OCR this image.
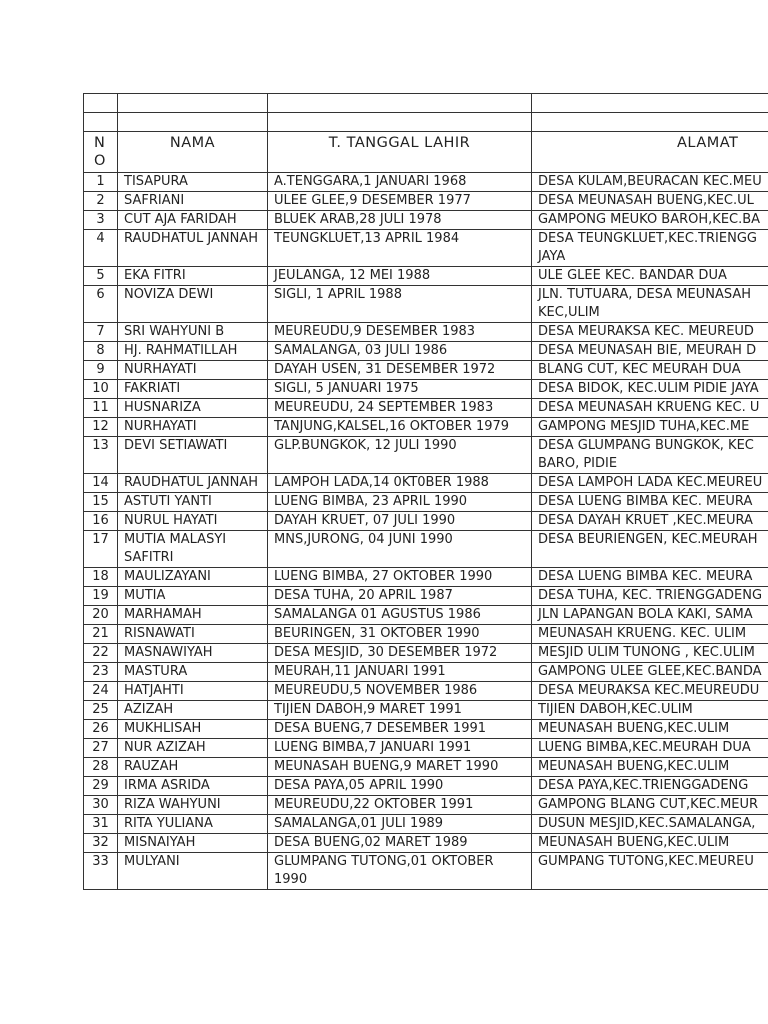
N O	NAMA	T. TANGGAL LAHIR	ALAMAT
1	TISAPURA	A.TENGGARA,1 JANUARI 1968	DESA KULAM,BEURACAN KEC.MEU
2	SAFRIANI	ULEE GLEE,9 DESEMBER 1977	DESA MEUNASAH BUENG,KEC.UL
3	CUT AJA FARIDAH	BLUEK ARAB,28 JULI 1978	GAMPONG MEUKO BAROH,KEC.BA
4	RAUDHATUL JANNAH	TEUNGKLUET,13 APRIL 1984	DESA TEUNGKLUET,KEC.TRIENGG
JAYA

5	EKA FITRI	JEULANGA, 12 MEI 1988	ULE GLEE KEC. BANDAR DUA
6	NOVIZA DEWI	SIGLI, 1 APRIL 1988	JLN. TUTUARA, DESA MEUNASAH
KEC,ULIM

7	SRI WAHYUNI B	MEUREUDU,9 DESEMBER 1983	DESA MEURAKSA KEC. MEUREUD
8	HJ. RAHMATILLAH	SAMALANGA, 03 JULI 1986	DESA MEUNASAH BIE, MEURAH D
9	NURHAYATI	DAYAH USEN, 31 DESEMBER 1972	BLANG CUT, KEC MEURAH DUA
10	FAKRIATI	SIGLI, 5 JANUARI 1975	DESA BIDOK, KEC.ULIM PIDIE JAYA
11	HUSNARIZA	MEUREUDU, 24 SEPTEMBER 1983	DESA MEUNASAH KRUENG KEC. U
12	NURHAYATI	TANJUNG,KALSEL,16 OKTOBER 1979	GAMPONG MESJID TUHA,KEC.ME
13	DEVI SETIAWATI	GLP.BUNGKOK, 12 JULI 1990	DESA GLUMPANG BUNGKOK, KEC
BARO, PIDIE

14	RAUDHATUL JANNAH	LAMPOH LADA,14 0KT0BER 1988	DESA LAMPOH LADA KEC.MEUREU
15	ASTUTI YANTI	LUENG BIMBA, 23 APRIL 1990	DESA LUENG BIMBA KEC. MEURA
16	NURUL HAYATI	DAYAH KRUET, 07 JULI 1990	DESA DAYAH KRUET ,KEC.MEURA
17	MUTIA MALASYI SAFITRI	MNS,JURONG, 04 JUNI 1990	DESA BEURIENGEN, KEC.MEURAH
18	MAULIZAYANI	LUENG BIMBA, 27 OKTOBER 1990	DESA LUENG BIMBA KEC. MEURA
19	MUTIA	DESA TUHA, 20 APRIL 1987	DESA TUHA, KEC. TRIENGGADENG
20	MARHAMAH	SAMALANGA 01 AGUSTUS 1986	JLN LAPANGAN BOLA KAKI, SAMA
21	RISNAWATI	BEURINGEN, 31 OKTOBER 1990	MEUNASAH KRUENG. KEC. ULIM
22	MASNAWIYAH	DESA MESJID, 30 DESEMBER 1972	MESJID ULIM TUNONG , KEC.ULIM
23	MASTURA	MEURAH,11 JANUARI 1991	GAMPONG ULEE GLEE,KEC.BANDA
24	HATJAHTI	MEUREUDU,5 NOVEMBER 1986	DESA MEURAKSA KEC.MEUREUDU
25	AZIZAH	TIJIEN DABOH,9 MARET 1991	TIJIEN DABOH,KEC.ULIM
26	MUKHLISAH	DESA BUENG,7 DESEMBER 1991	MEUNASAH BUENG,KEC.ULIM
27	NUR AZIZAH	LUENG BIMBA,7 JANUARI 1991	LUENG BIMBA,KEC.MEURAH DUA
28	RAUZAH	MEUNASAH BUENG,9 MARET 1990	MEUNASAH BUENG,KEC.ULIM
29	IRMA ASRIDA	DESA PAYA,05 APRIL 1990	DESA PAYA,KEC.TRIENGGADENG
30	RIZA WAHYUNI	MEUREUDU,22 OKTOBER 1991	GAMPONG BLANG CUT,KEC.MEUR
31	RITA YULIANA	SAMALANGA,01 JULI 1989	DUSUN MESJID,KEC.SAMALANGA,
32	MISNAIYAH	DESA BUENG,02 MARET 1989	MEUNASAH BUENG,KEC.ULIM
33	MULYANI	GLUMPANG TUTONG,01 OKTOBER 1990	GUMPANG TUTONG,KEC.MEUREU
